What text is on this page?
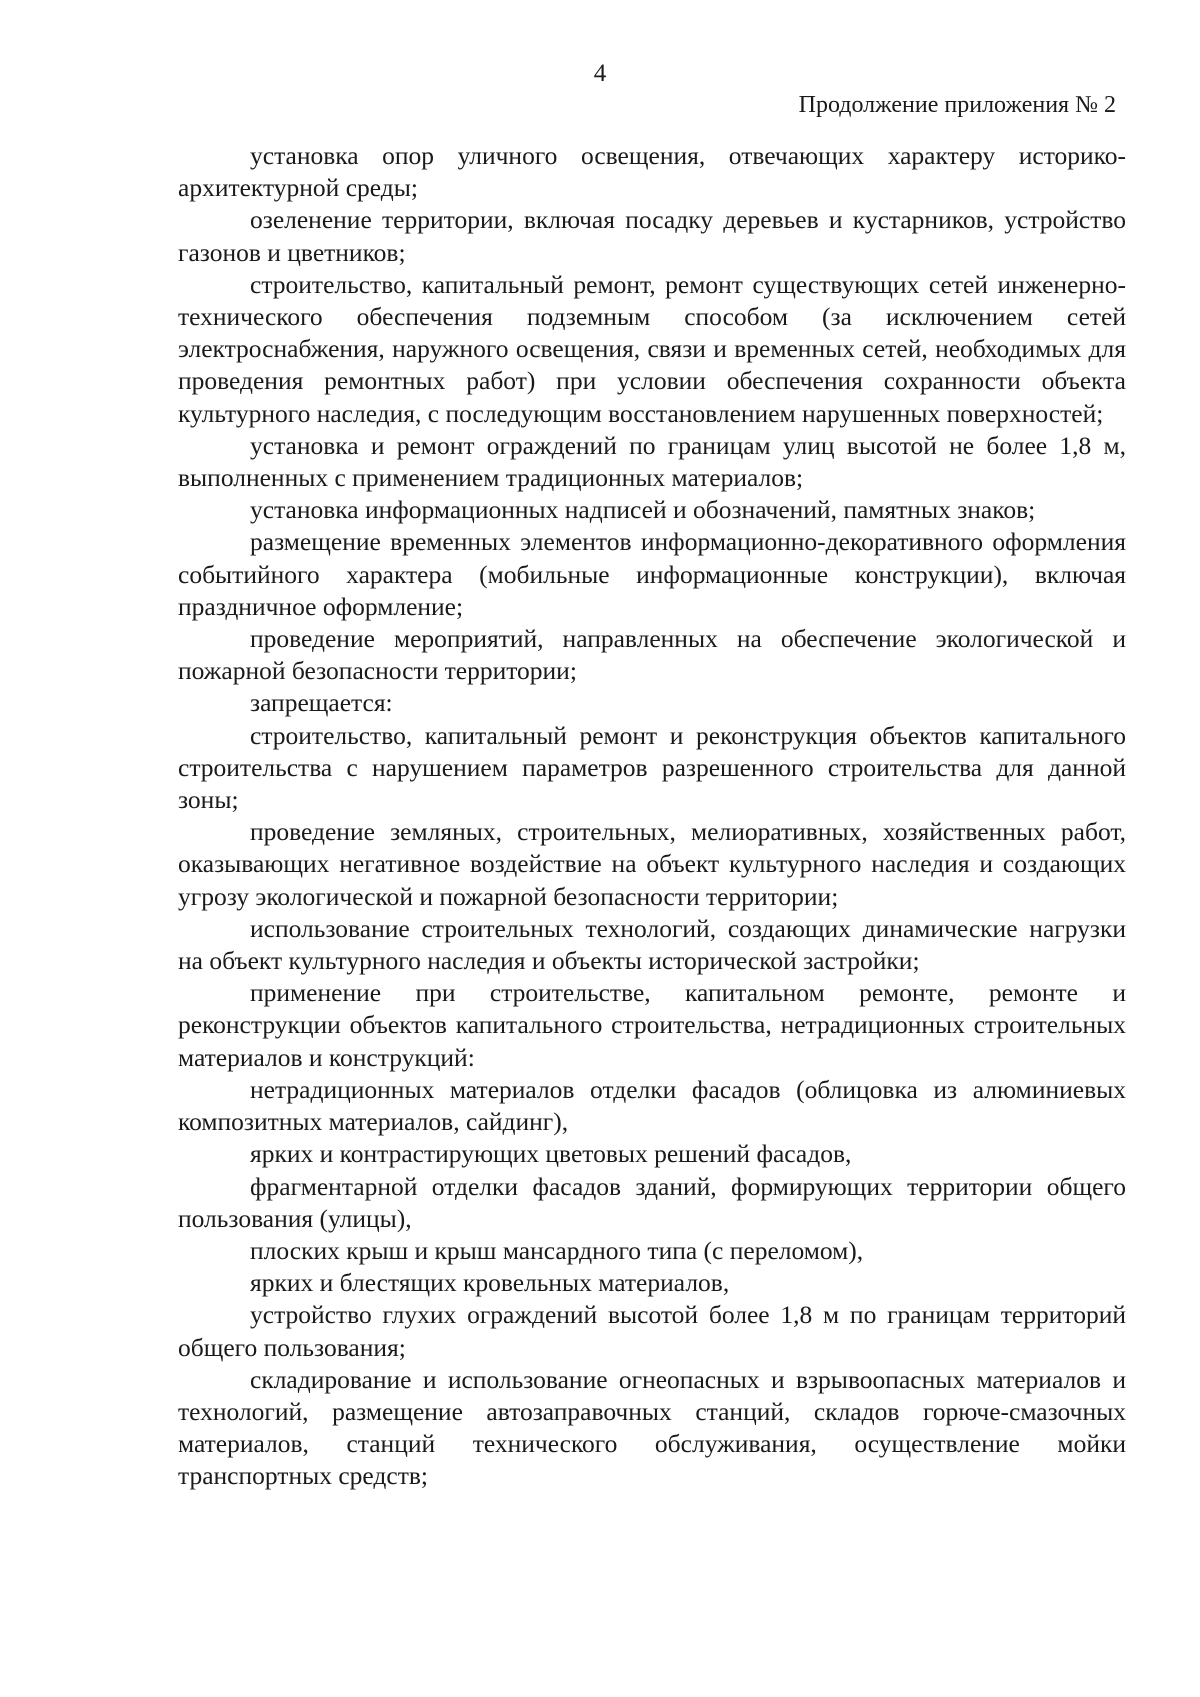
4
Продолжение приложения № 2

установка опор уличного освещения, отвечающих характеру историко-архитектурной среды;

озеленение территории, включая посадку деревьев и кустарников, устройство газонов и цветников;

строительство, капитальный ремонт, ремонт существующих сетей инженерно-технического обеспечения подземным способом (за исключением сетей электроснабжения, наружного освещения, связи и временных сетей, необходимых для проведения ремонтных работ) при условии обеспечения сохранности объекта культурного наследия, с последующим восстановлением нарушенных поверхностей;

установка и ремонт ограждений по границам улиц высотой не более 1,8 м, выполненных с применением традиционных материалов;

установка информационных надписей и обозначений, памятных знаков;

размещение временных элементов информационно-декоративного оформления событийного характера (мобильные информационные конструкции), включая праздничное оформление;

проведение мероприятий, направленных на обеспечение экологической и пожарной безопасности территории;

запрещается:

строительство, капитальный ремонт и реконструкция объектов капитального строительства с нарушением параметров разрешенного строительства для данной зоны;

проведение земляных, строительных, мелиоративных, хозяйственных работ, оказывающих негативное воздействие на объект культурного наследия и создающих угрозу экологической и пожарной безопасности территории;

использование строительных технологий, создающих динамические нагрузки на объект культурного наследия и объекты исторической застройки;

применение при строительстве, капитальном ремонте, ремонте и реконструкции объектов капитального строительства, нетрадиционных строительных материалов и конструкций:

нетрадиционных материалов отделки фасадов (облицовка из алюминиевых композитных материалов, сайдинг),

ярких и контрастирующих цветовых решений фасадов,

фрагментарной отделки фасадов зданий, формирующих территории общего пользования (улицы),

плоских крыш и крыш мансардного типа (с переломом),

ярких и блестящих кровельных материалов,

устройство глухих ограждений высотой более 1,8 м по границам территорий общего пользования;

складирование и использование огнеопасных и взрывоопасных материалов и технологий, размещение автозаправочных станций, складов горюче-смазочных материалов, станций технического обслуживания, осуществление мойки транспортных средств;
